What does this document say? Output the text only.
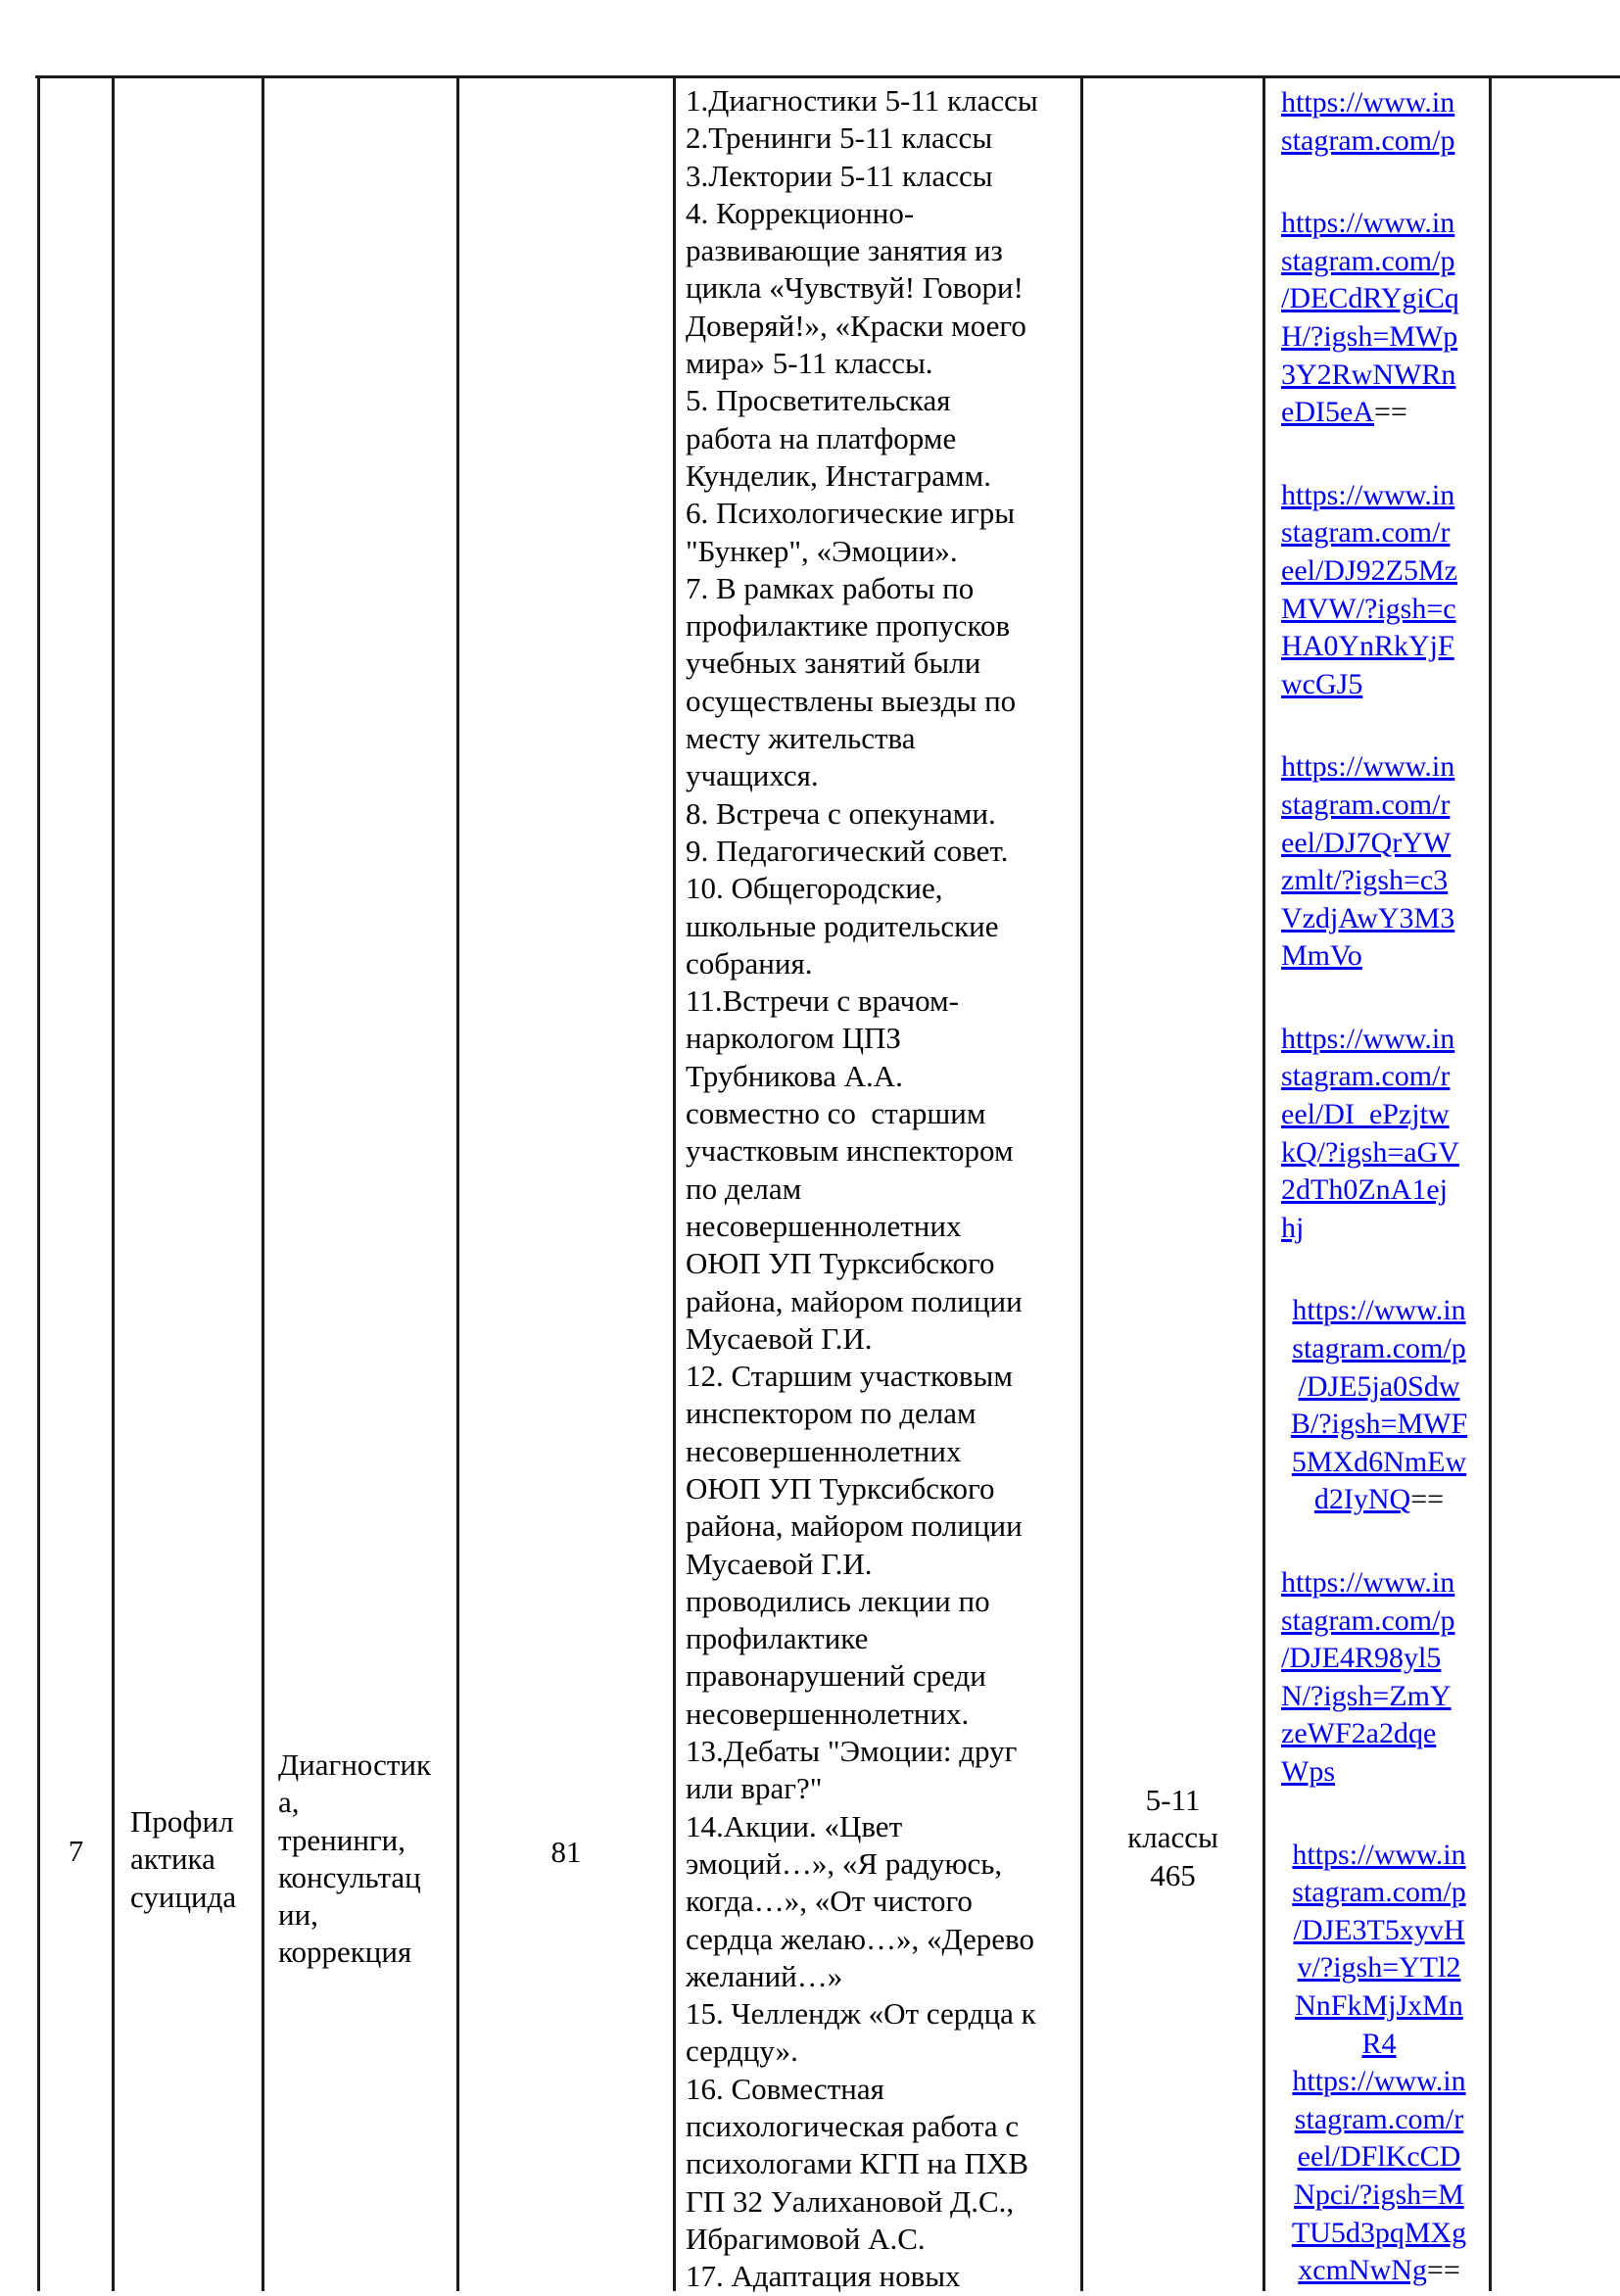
7
Профил
актика
суицида
Диагностик
а,
тренинги,
консультац
ии,
коррекция
81
1.Диагностики 5-11 классы
2.Тренинги 5-11 классы
3.Лектории 5-11 классы
4. Коррекционно-
развивающие занятия из
цикла «Чувствуй! Говори!
Доверяй!», «Краски моего
мира» 5-11 классы.
5. Просветительская
работа на платформе
Кунделик, Инстаграмм.
6. Психологические игры
"Бункер", «Эмоции».
7. В рамках работы по
профилактике пропусков
учебных занятий были
осуществлены выезды по
месту жительства
учащихся.
8. Встреча с опекунами.
9. Педагогический совет.
10. Общегородские,
школьные родительские
собрания.
11.Встречи с врачом-
наркологом ЦПЗ
Трубникова А.А.
совместно со  старшим
участковым инспектором
по делам
несовершеннолетних
ОЮП УП Турксибского
района, майором полиции
Мусаевой Г.И.
12. Старшим участковым
инспектором по делам
несовершеннолетних
ОЮП УП Турксибского
района, майором полиции
Мусаевой Г.И.
проводились лекции по
профилактике
правонарушений среди
несовершеннолетних.
13.Дебаты "Эмоции: друг
или враг?"
14.Акции. «Цвет
эмоций…», «Я радуюсь,
когда…», «От чистого
сердца желаю…», «Дерево
желаний…»
15. Челлендж «От сердца к
сердцу».
16. Совместная
психологическая работа с
психологами КГП на ПХВ
ГП 32 Уалихановой Д.С.,
Ибрагимовой А.С.
17. Адаптация новых
5-11
классы
465
https://www.in
stagram.com/p
https://www.in
stagram.com/p
/DECdRYgiCq
H/?igsh=MWp
3Y2RwNWRn
eDI5eA==
https://www.in
stagram.com/r
eel/DJ92Z5Mz
MVW/?igsh=c
HA0YnRkYjF
wcGJ5
https://www.in
stagram.com/r
eel/DJ7QrYW
zmlt/?igsh=c3
VzdjAwY3M3
MmVo
https://www.in
stagram.com/r
eel/DI_ePzjtw
kQ/?igsh=aGV
2dTh0ZnA1ej
hj
https://www.in
stagram.com/p
/DJE5ja0Sdw
B/?igsh=MWF
5MXd6NmEw
d2IyNQ==
https://www.in
stagram.com/p
/DJE4R98yl5
N/?igsh=ZmY
zeWF2a2dqe
Wps
https://www.in
stagram.com/p
/DJE3T5xyvH
v/?igsh=YTl2
NnFkMjJxMn
R4
https://www.in
stagram.com/r
eel/DFlKcCD
Npci/?igsh=M
TU5d3pqMXg
xcmNwNg==
